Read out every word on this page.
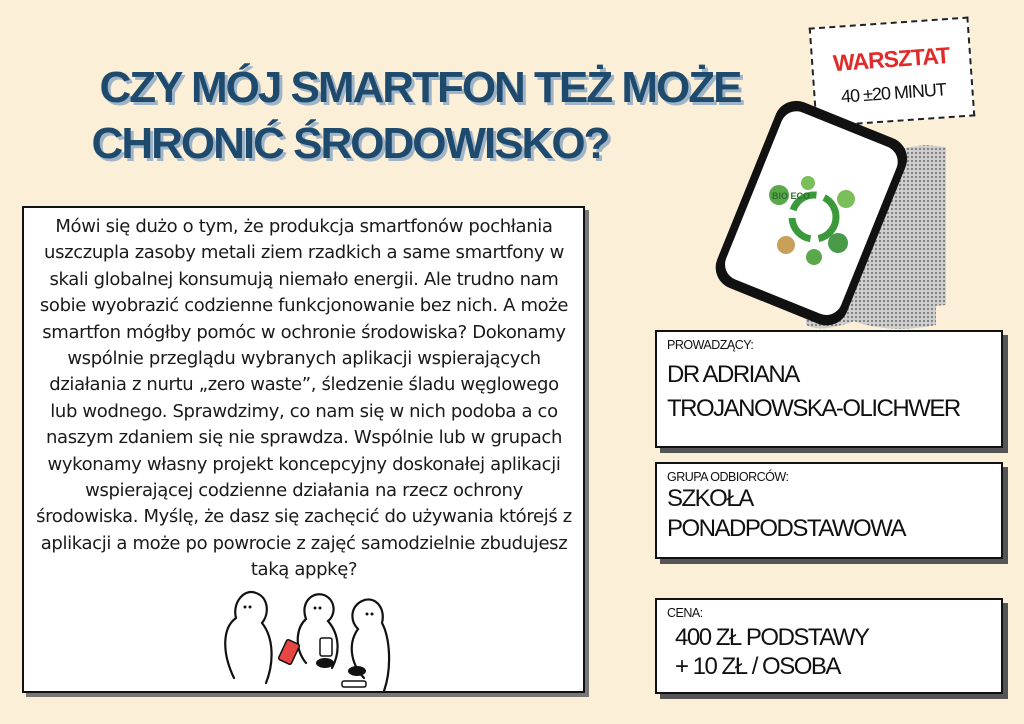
CZY MÓJ SMARTFON TEŻ MOŻE
CHRONIĆ ŚRODOWISKO?
WARSZTAT
40 ±20 MINUT
BIO ECO

Mówi się dużo o tym, że produkcja smartfonów pochłania uszczupla zasoby metali ziem rzadkich a same smartfony w skali globalnej konsumują niemało energii. Ale trudno nam sobie wyobrazić codzienne funkcjonowanie bez nich. A może smartfon mógłby pomóc w ochronie środowiska? Dokonamy wspólnie przeglądu wybranych aplikacji wspierających działania z nurtu „zero waste”, śledzenie śladu węglowego lub wodnego. Sprawdzimy, co nam się w nich podoba a co naszym zdaniem się nie sprawdza. Wspólnie lub w grupach wykonamy własny projekt koncepcyjny doskonałej aplikacji wspierającej codzienne działania na rzecz ochrony środowiska. Myślę, że dasz się zachęcić do używania którejś z aplikacji a może po powrocie z zajęć samodzielnie zbudujesz taką appkę?

PROWADZĄCY:
DR ADRIANA
TROJANOWSKA-OLICHWER
GRUPA ODBIORCÓW:
SZKOŁA
PONADPODSTAWOWA
CENA:
400 ZŁ PODSTAWY
+ 10 ZŁ / OSOBA
